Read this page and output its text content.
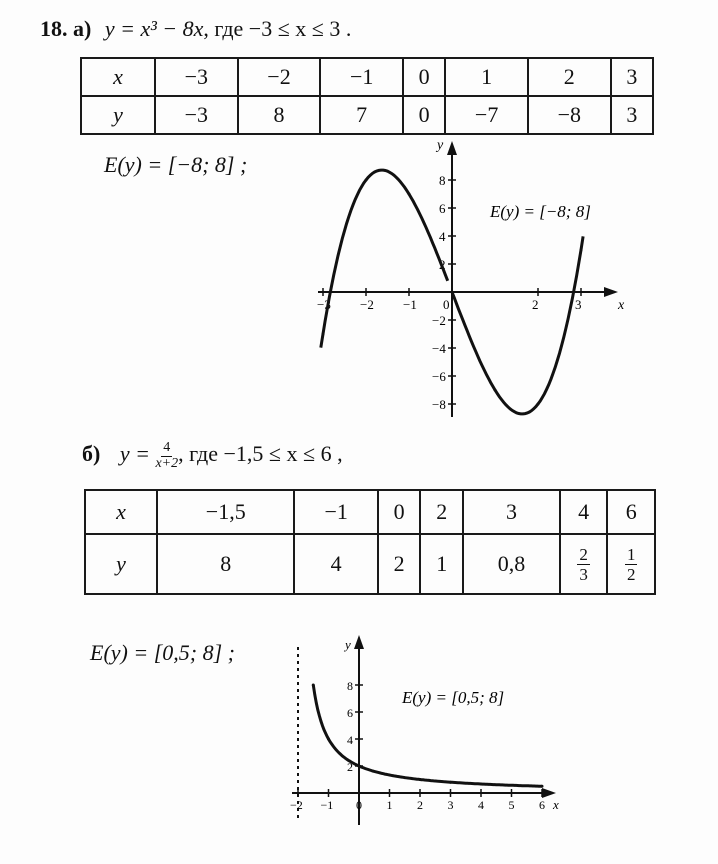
18. а) y = x³ − 8x, где −3 ≤ x ≤ 3 .
x	−3	−2	−1	0	1	2	3
y	−3	8	7	0	−7	−8	3
E(y) = [−8; 8] ;
x
y
−3 −2 −1 0	2	3
8
6
4
2
−2
−4
−6
−8
E(y) = [−8; 8]
б) $y = \frac{4}{x+2}$ , где −1,5 ≤ x ≤ 6 ,
x	−1,5	−1	0	2	3	4	6
y	8	4	2	1	0,8	$\frac{2}{3}$	$\frac{1}{2}$
E(y) = [0,5; 8] ;
x
y
−2 −1 0 1 2 3 4 5 6
8
6
4
2
E(y) = [0,5; 8]
